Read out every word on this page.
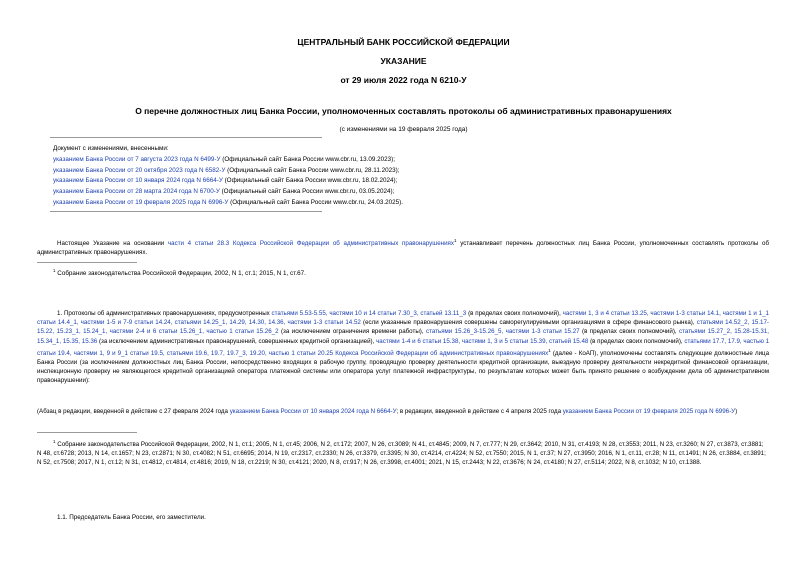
ЦЕНТРАЛЬНЫЙ БАНК РОССИЙСКОЙ ФЕДЕРАЦИИ
УКАЗАНИЕ
от 29 июля 2022 года N 6210-У
О перечне должностных лиц Банка России, уполномоченных составлять протоколы об административных правонарушениях
(с изменениями на 19 февраля 2025 года)
Документ с изменениями, внесенными:
указанием Банка России от 7 августа 2023 года N 6499-У (Официальный сайт Банка России www.cbr.ru, 13.09.2023);
указанием Банка России от 20 октября 2023 года N 6582-У (Официальный сайт Банка России www.cbr.ru, 28.11.2023);
указанием Банка России от 10 января 2024 года N 6664-У (Официальный сайт Банка России www.cbr.ru, 18.02.2024);
указанием Банка России от 28 марта 2024 года N 6700-У (Официальный сайт Банка России www.cbr.ru, 03.05.2024);
указанием Банка России от 19 февраля 2025 года N 6996-У (Официальный сайт Банка России www.cbr.ru, 24.03.2025).
Настоящее Указание на основании части 4 статьи 28.3 Кодекса Российской Федерации об административных правонарушениях$^1$ устанавливает перечень должностных лиц Банка России, уполномоченных составлять протоколы об административных правонарушениях.
$^1$ Собрание законодательства Российской Федерации, 2002, N 1, ст.1; 2015, N 1, ст.67.
1. Протоколы об административных правонарушениях, предусмотренных статьями 5.53-5.55, частями 10 и 14 статьи 7.30_3, статьей 13.11_3 (в пределах своих полномочий), частями 1, 3 и 4 статьи 13.25, частями 1-3 статьи 14.1, частями 1 и 1_1 статьи 14.4_1, частями 1-5 и 7-9 статьи 14.24, статьями 14.25_1, 14.29, 14.30, 14.36, частями 1-3 статьи 14.52 (если указанные правонарушения совершены саморегулируемыми организациями в сфере финансового рынка), статьями 14.52_2, 15.17-15.22, 15.23_1, 15.24_1, частями 2-4 и 6 статьи 15.26_1, частью 1 статьи 15.26_2 (за исключением ограничения времени работы), статьями 15.26_3-15.26_5, частями 1-3 статьи 15.27 (в пределах своих полномочий), статьями 15.27_2, 15.28-15.31, 15.34_1, 15.35, 15.36 (за исключением административных правонарушений, совершенных кредитной организацией), частями 1-4 и 6 статьи 15.38, частями 1, 3 и 5 статьи 15.39, статьей 15.48 (в пределах своих полномочий), статьями 17.7, 17.9, частью 1 статьи 19.4, частями 1, 9 и 9_1 статьи 19.5, статьями 19.6, 19.7, 19.7_3, 19.20, частью 1 статьи 20.25 Кодекса Российской Федерации об административных правонарушениях$^1$ (далее - КоАП), уполномочены составлять следующие должностные лица Банка России (за исключением должностных лиц Банка России, непосредственно входящих в рабочую группу, проводящую проверку деятельности кредитной организации, выездную проверку деятельности некредитной финансовой организации, инспекционную проверку не являющегося кредитной организацией оператора платежной системы или оператора услуг платежной инфраструктуры, по результатам которых может быть принято решение о возбуждении дела об административном правонарушении):
(Абзац в редакции, введенной в действие с 27 февраля 2024 года указанием Банка России от 10 января 2024 года N 6664-У; в редакции, введенной в действие с 4 апреля 2025 года указанием Банка России от 19 февраля 2025 года N 6996-У)
$^1$ Собрание законодательства Российской Федерации, 2002, N 1, ст.1; 2005, N 1, ст.45; 2006, N 2, ст.172; 2007, N 26, ст.3089; N 41, ст.4845; 2009, N 7, ст.777; N 29, ст.3642; 2010, N 31, ст.4193; N 28, ст.3553; 2011, N 23, ст.3260; N 27, ст.3873, ст.3881; N 48, ст.6728; 2013, N 14, ст.1657; N 23, ст.2871; N 30, ст.4082; N 51, ст.6695; 2014, N 19, ст.2317, ст.2330; N 26, ст.3379, ст.3395; N 30, ст.4214, ст.4224; N 52, ст.7550; 2015, N 1, ст.37; N 27, ст.3950; 2016, N 1, ст.11, ст.28; N 11, ст.1491; N 26, ст.3884, ст.3891; N 52, ст.7508; 2017, N 1, ст.12; N 31, ст.4812, ст.4814, ст.4816; 2019, N 18, ст.2219; N 30, ст.4121; 2020, N 8, ст.917; N 26, ст.3998, ст.4001; 2021, N 15, ст.2443; N 22, ст.3676; N 24, ст.4180; N 27, ст.5114; 2022, N 8, ст.1032; N 10, ст.1388.
1.1. Председатель Банка России, его заместители.
